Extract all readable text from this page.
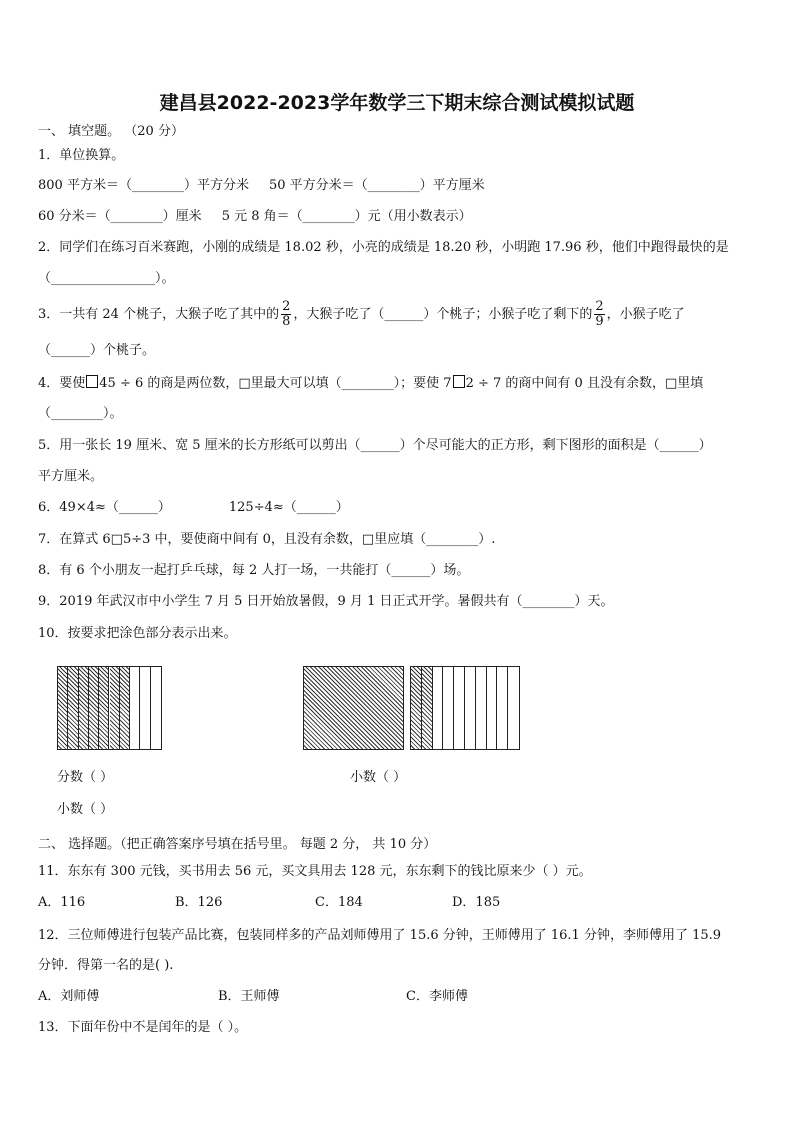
建昌县2022-2023学年数学三下期末综合测试模拟试题
一、 填空题。 （20 分）
1．单位换算。
800 平方米＝（________）平方分米 50 平方分米＝（________）平方厘米
60 分米＝（________）厘米 5 元 8 角＝（________）元（用小数表示）
2．同学们在练习百米赛跑，小刚的成绩是 18.02 秒，小亮的成绩是 18.20 秒，小明跑 17.96 秒，他们中跑得最快的是
（________________）。
3．一共有 24 个桃子，大猴子吃了其中的 $\frac{2}{8}$ ，大猴子吃了（______）个桃子；小猴子吃了剩下的 $\frac{2}{9}$ ，小猴子吃了
（______）个桃子。
4．要使 45 ÷ 6 的商是两位数，□里最大可以填（________）；要使 7 2 ÷ 7 的商中间有 0 且没有余数，□里填
（________）。
5．用一张长 19 厘米、宽 5 厘米的长方形纸可以剪出（______）个尽可能大的正方形，剩下图形的面积是（______）
平方厘米。
6．49×4≈（______）	125÷4≈（______）
7．在算式 6□5÷3 中，要使商中间有 0，且没有余数，□里应填（________）.
8．有 6 个小朋友一起打乒乓球，每 2 人打一场，一共能打（______）场。
9．2019 年武汉市中小学生 7 月 5 日开始放暑假，9 月 1 日正式开学。暑假共有（________）天。
10．按要求把涂色部分表示出来。
分数（ ）	小数（ ）
小数（ ）
二、 选择题。（把正确答案序号填在括号里。 每题 2 分， 共 10 分）
11．东东有 300 元钱，买书用去 56 元，买文具用去 128 元，东东剩下的钱比原来少（ ）元。
A．116	B．126	C．184	D．185
12．三位师傅进行包装产品比赛，包装同样多的产品刘师傅用了 15.6 分钟，王师傅用了 16.1 分钟，李师傅用了 15.9
分钟．得第一名的是( ).
A．刘师傅	B．王师傅	C．李师傅
13．下面年份中不是闰年的是（ ）。
